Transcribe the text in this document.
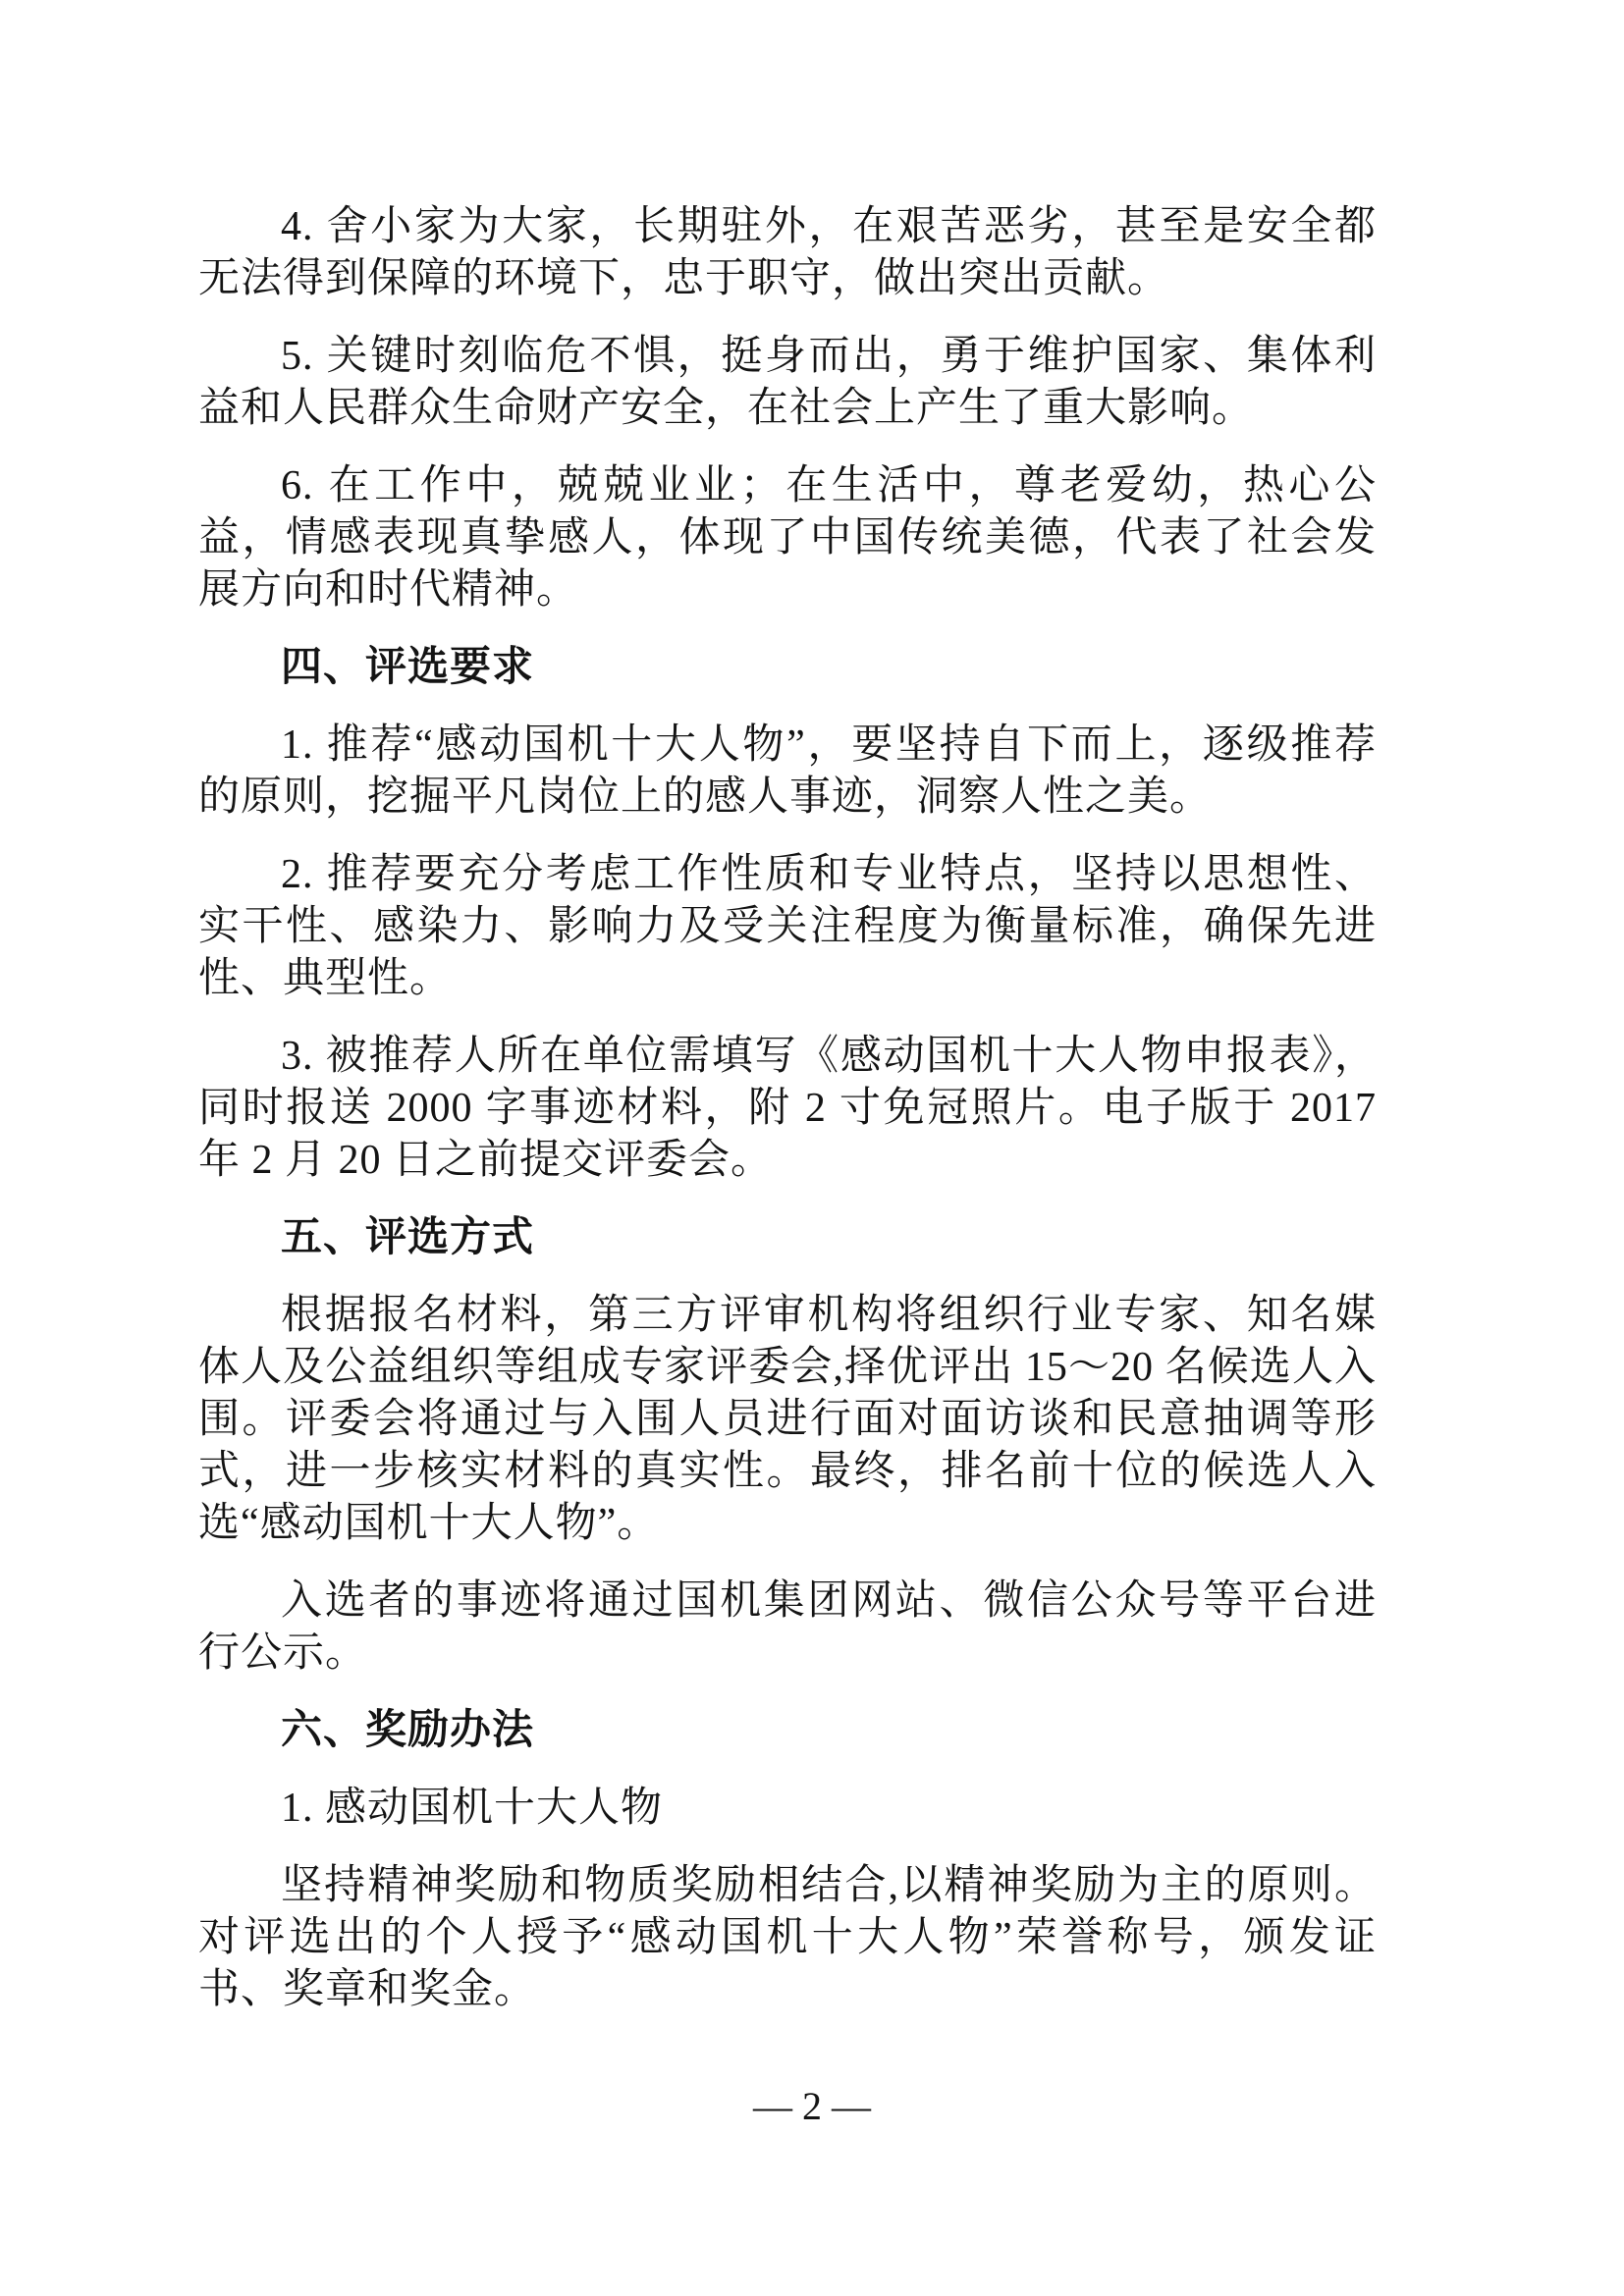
4. 舍小家为大家，长期驻外，在艰苦恶劣，甚至是安全都无法得到保障的环境下，忠于职守，做出突出贡献。

5. 关键时刻临危不惧，挺身而出，勇于维护国家、集体利益和人民群众生命财产安全，在社会上产生了重大影响。

6. 在工作中，兢兢业业；在生活中，尊老爱幼，热心公益，情感表现真挚感人，体现了中国传统美德，代表了社会发展方向和时代精神。

四、评选要求

1. 推荐“感动国机十大人物”，要坚持自下而上，逐级推荐的原则，挖掘平凡岗位上的感人事迹，洞察人性之美。

2. 推荐要充分考虑工作性质和专业特点，坚持以思想性、实干性、感染力、影响力及受关注程度为衡量标准，确保先进性、典型性。

3. 被推荐人所在单位需填写《感动国机十大人物申报表》，同时报送 2000 字事迹材料，附 2 寸免冠照片。电子版于 2017 年 2 月 20 日之前提交评委会。

五、评选方式

根据报名材料，第三方评审机构将组织行业专家、知名媒体人及公益组织等组成专家评委会,择优评出 15～20 名候选人入围。评委会将通过与入围人员进行面对面访谈和民意抽调等形式，进一步核实材料的真实性。最终，排名前十位的候选人入选“感动国机十大人物”。

入选者的事迹将通过国机集团网站、微信公众号等平台进行公示。

六、奖励办法

1. 感动国机十大人物

坚持精神奖励和物质奖励相结合,以精神奖励为主的原则。对评选出的个人授予“感动国机十大人物”荣誉称号，颁发证书、奖章和奖金。

— 2 —
